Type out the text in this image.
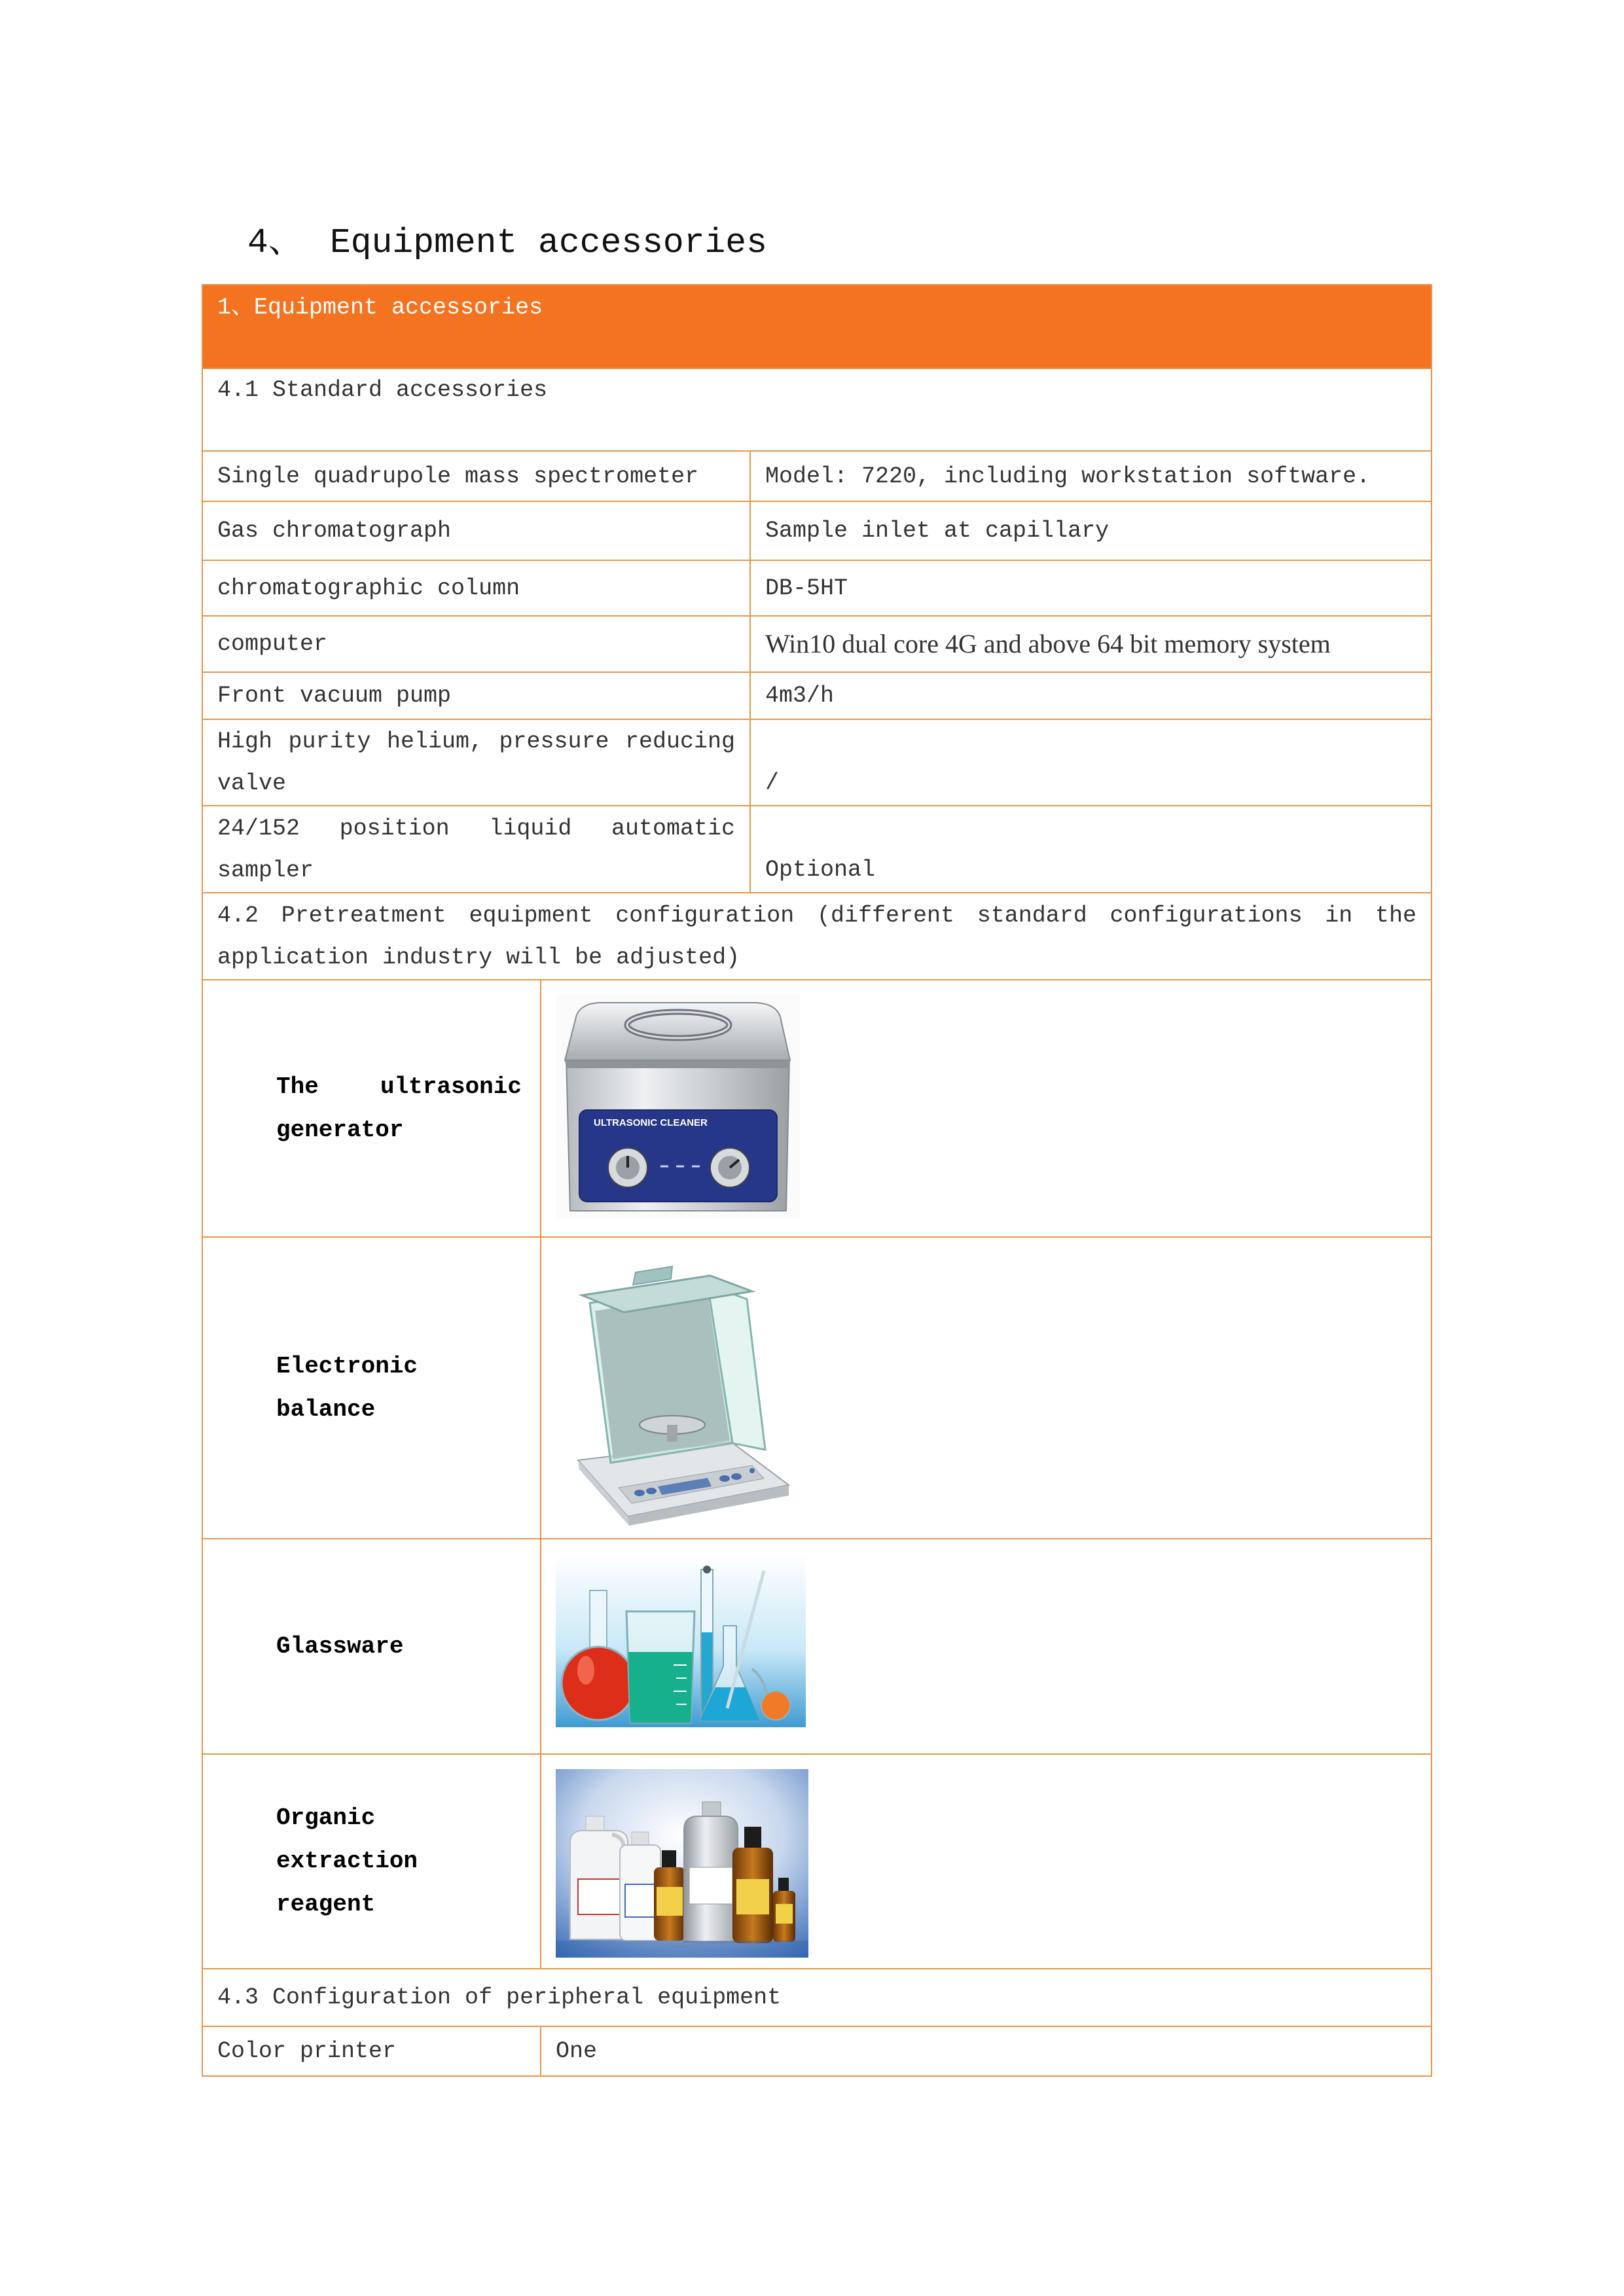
4、 Equipment accessories
1、Equipment accessories		
4.1 Standard accessories		
Single quadrupole mass spectrometer		Model: 7220, including workstation software.
Gas chromatograph		Sample inlet at capillary
chromatographic column		DB-5HT
computer		Win10 dual core 4G and above 64 bit memory system
Front vacuum pump		4m3/h
High purity helium, pressure reducing valve		/
24/152 position liquid automatic sampler		Optional
4.2 Pretreatment equipment configuration (different standard configurations in the application industry will be adjusted)		
The ultrasonic generator	ULTRASONIC CLEANER	

Electronic balance	

Glassware	

Organic extraction reagent	

4.3 Configuration of peripheral equipment		
Color printer	One	
